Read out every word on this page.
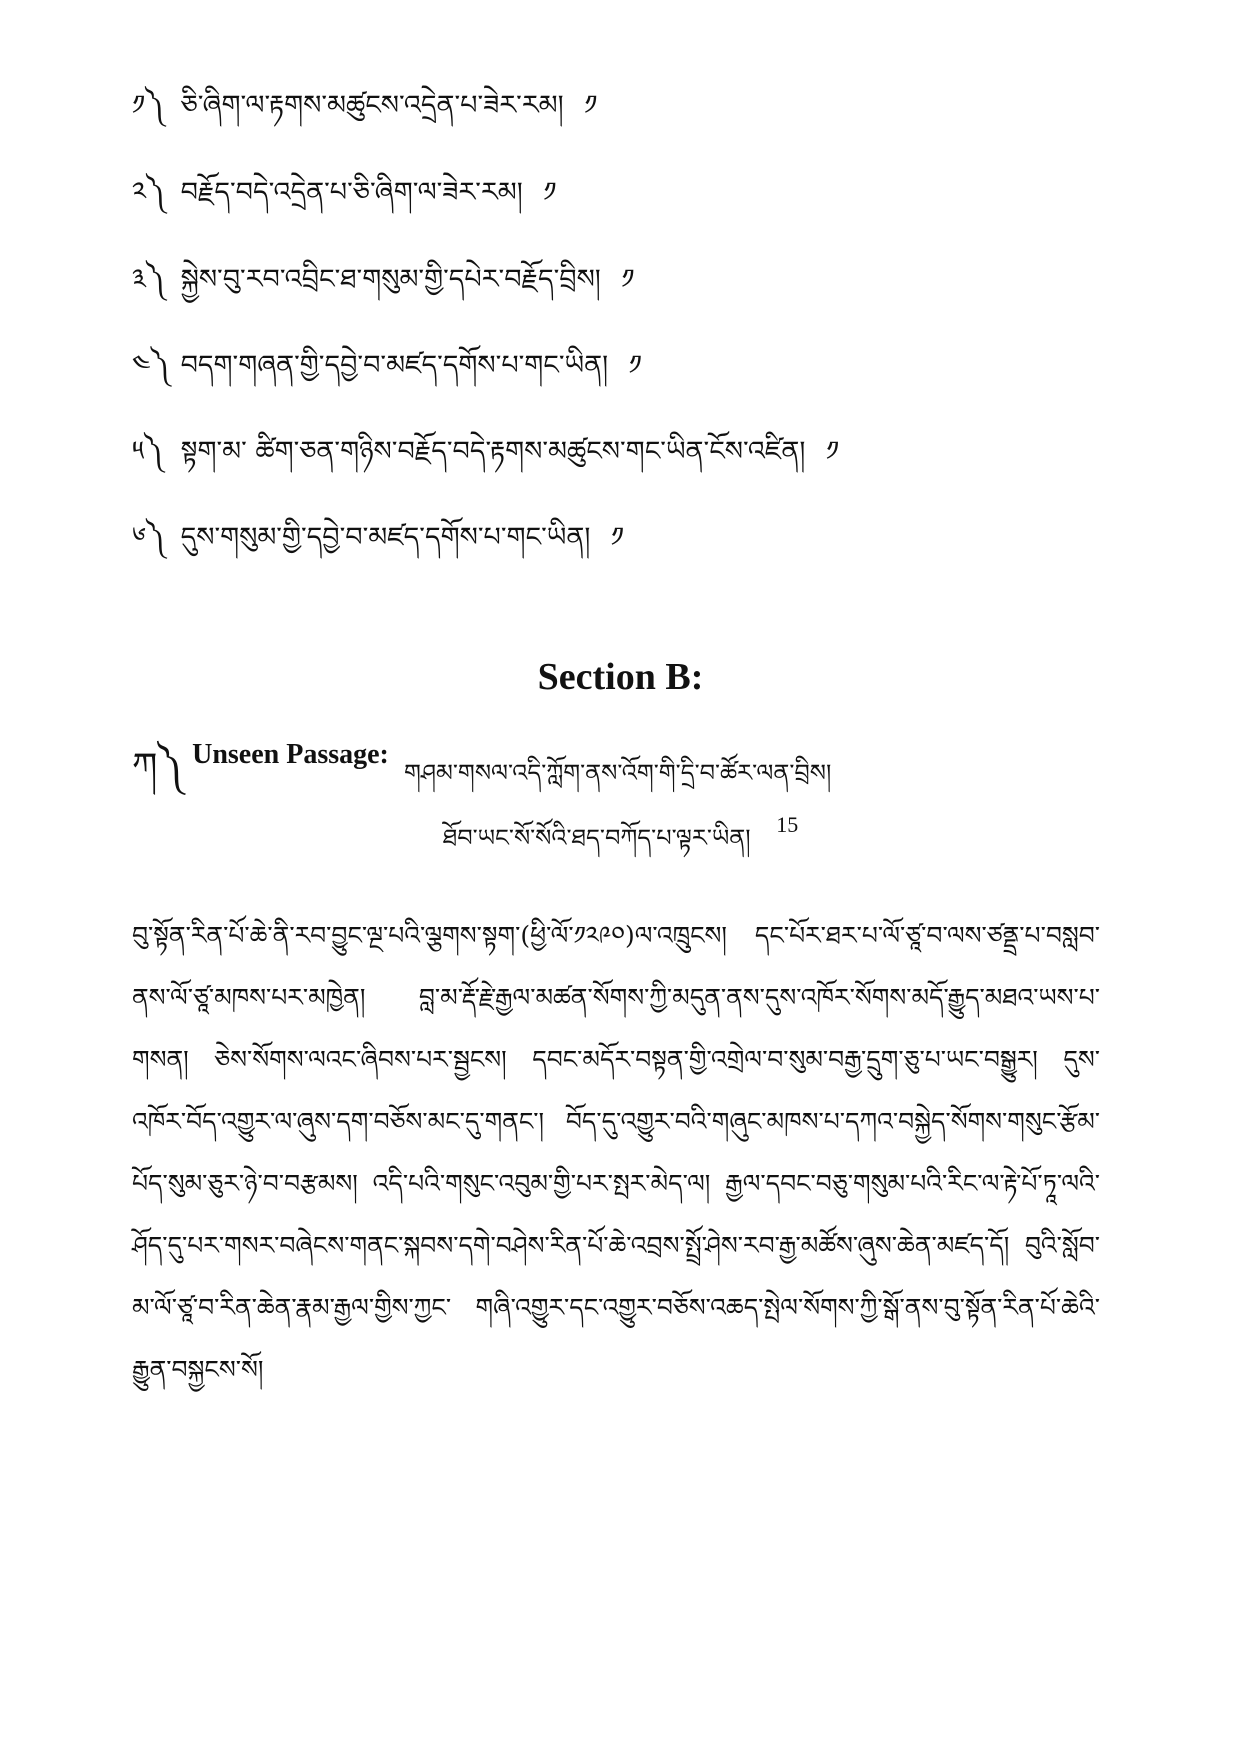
༡༽ ཅི་ཞིག་ལ་རྟགས་མཚུངས་འདྲེན་པ་ཟེར་རམ། ༡
༢༽ བརྗོད་བདེ་འདྲེན་པ་ཅི་ཞིག་ལ་ཟེར་རམ། ༡
༣༽ སྐྱེས་བུ་རབ་འབྲིང་ཐ་གསུམ་གྱི་དཔེར་བརྗོད་བྲིས། ༡
༤༽ བདག་གཞན་གྱི་དབྱེ་བ་མཛད་དགོས་པ་གང་ཡིན། ༡
༥༽ སྟག་མ་ ཚིག་ཅན་གཉིས་བརྗོད་བདེ་རྟགས་མཚུངས་གང་ཡིན་ངོས་འཛིན། ༡
༦༽ དུས་གསུམ་གྱི་དབྱེ་བ་མཛད་དགོས་པ་གང་ཡིན། ༡
Section B:
ཀ༽ Unseen Passage: གཤམ་གསལ་འདི་ཀློག་ནས་འོག་གི་དྲི་བ་ཚོར་ལན་བྲིས།
ཐོབ་ཡང་སོ་སོའི་ཐད་བཀོད་པ་ལྟར་ཡིན། 15
བུ་སྟོན་རིན་པོ་ཆེ་ནི་རབ་བྱུང་ལྔ་པའི་ལྕགས་སྟག་(ཕྱི་ལོ་༡༢༩༠)ལ་འཁྲུངས། དང་པོར་ཐར་པ་ལོ་ཙཱ་བ་ལས་ཙནྡྲ་པ་བསླབ་ནས་ལོ་ཙཱ་མཁས་པར་མཁྱེན། བླ་མ་རྡོ་རྗེ་རྒྱལ་མཚན་སོགས་ཀྱི་མདུན་ནས་དུས་འཁོར་སོགས་མདོ་རྒྱུད་མཐའ་ཡས་པ་གསན། ཅེས་སོགས་ལའང་ཞིབས་པར་སྦྱངས། དབང་མདོར་བསྟན་གྱི་འགྲེལ་བ་སུམ་བརྒྱ་དྲུག་ཅུ་པ་ཡང་བསྒྱུར། དུས་འཁོར་བོད་འགྱུར་ལ་ཞུས་དག་བཅོས་མང་དུ་གནང་། བོད་དུ་འགྱུར་བའི་གཞུང་མཁས་པ་དཀའ་བསྐྱེད་སོགས་གསུང་རྩོམ་པོད་སུམ་ཅུར་ཉེ་བ་བརྩམས། འདི་པའི་གསུང་འབུམ་གྱི་པར་སྤར་མེད་ལ། རྒྱལ་དབང་བཅུ་གསུམ་པའི་རིང་ལ་རྟེ་པོ་ཏཱ་ལའི་ཤོད་དུ་པར་གསར་བཞེངས་གནང་སྐབས་དགེ་བཤེས་རིན་པོ་ཆེ་འབྲས་སྤྲོ་ཤེས་རབ་རྒྱ་མཚོས་ཞུས་ཆེན་མཛད་དོ། བུའི་སློབ་མ་ལོ་ཙཱ་བ་རིན་ཆེན་རྣམ་རྒྱལ་གྱིས་ཀྱང་ གཞི་འགྱུར་དང་འགྱུར་བཅོས་འཆད་སྤེལ་སོགས་ཀྱི་སྒོ་ནས་བུ་སྟོན་རིན་པོ་ཆེའི་རྒྱུན་བསྐྱངས་སོ།
